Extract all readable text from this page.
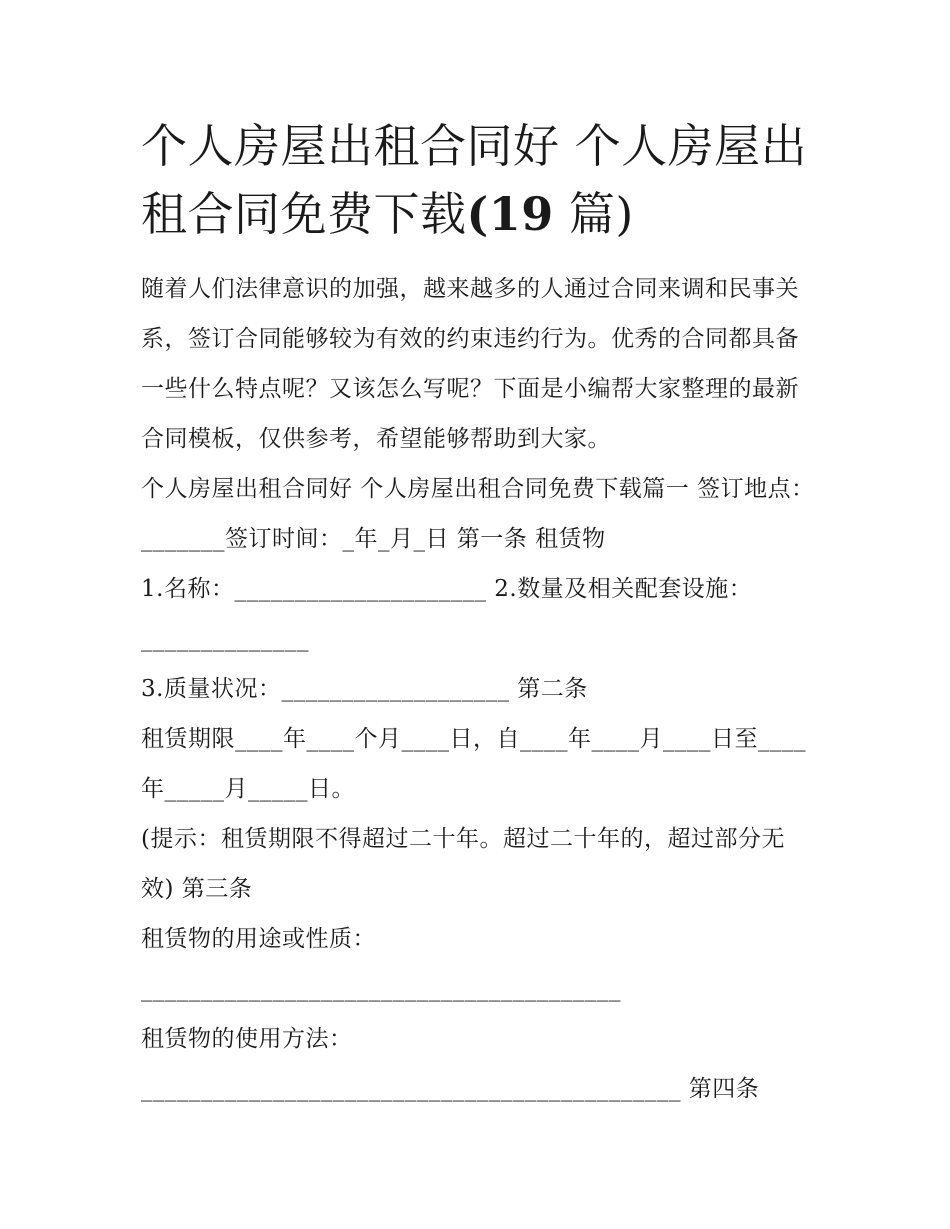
个人房屋出租合同好 个人房屋出租合同免费下载(19 篇)

随着人们法律意识的加强，越来越多的人通过合同来调和民事关系，签订合同能够较为有效的约束违约行为。优秀的合同都具备一些什么特点呢？又该怎么写呢？下面是小编帮大家整理的最新合同模板，仅供参考，希望能够帮助到大家。

个人房屋出租合同好 个人房屋出租合同免费下载篇一 签订地点：_______签订时间：_年_月_日 第一条 租赁物

1.名称：_____________________ 2.数量及相关配套设施：______________

3.质量状况：___________________ 第二条

租赁期限____年____个月____日，自____年____月____日至____年_____月_____日。

(提示：租赁期限不得超过二十年。超过二十年的，超过部分无效) 第三条

租赁物的用途或性质：________________________________________

租赁物的使用方法：_____________________________________________ 第四条
